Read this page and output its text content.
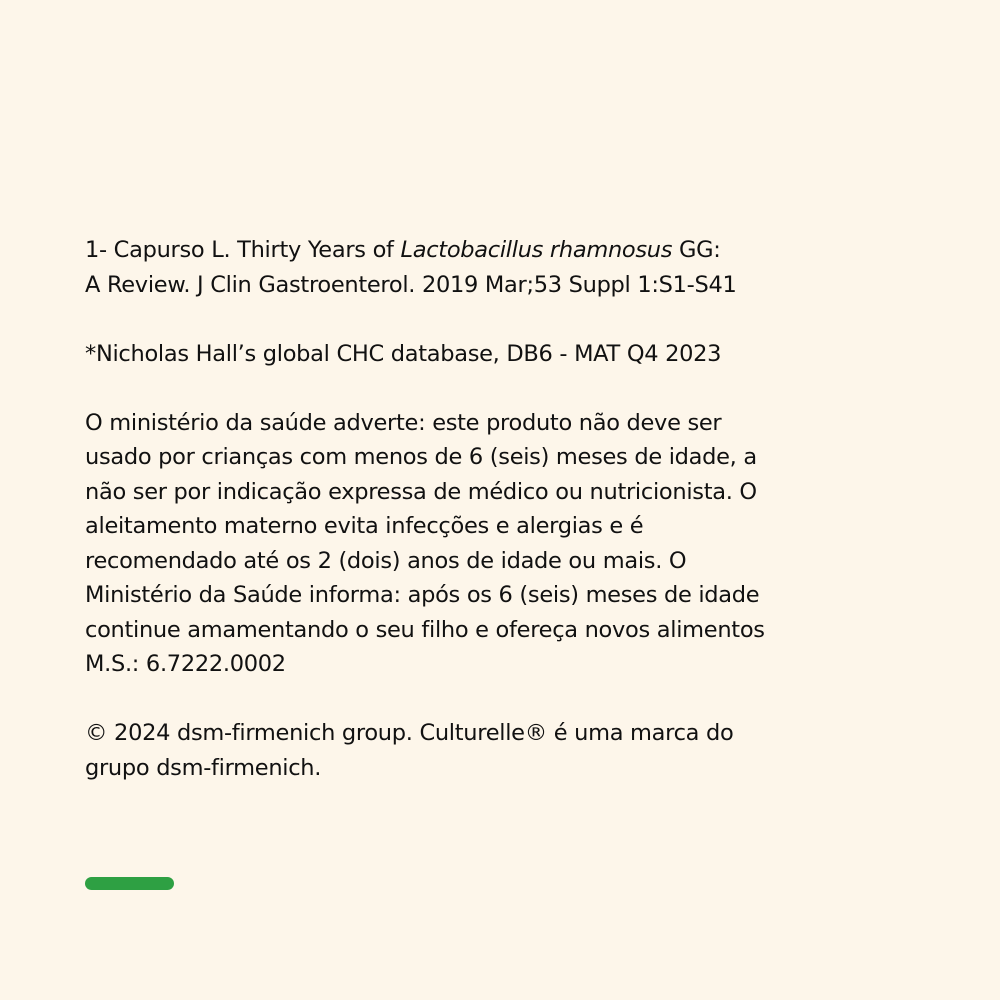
1- Capurso L. Thirty Years of Lactobacillus rhamnosus GG:
A Review. J Clin Gastroenterol. 2019 Mar;53 Suppl 1:S1-S41

*Nicholas Hall’s global CHC database, DB6 - MAT Q4 2023

O ministério da saúde adverte: este produto não deve ser
usado por crianças com menos de 6 (seis) meses de idade, a
não ser por indicação expressa de médico ou nutricionista. O
aleitamento materno evita infecções e alergias e é
recomendado até os 2 (dois) anos de idade ou mais. O
Ministério da Saúde informa: após os 6 (seis) meses de idade
continue amamentando o seu filho e ofereça novos alimentos
M.S.: 6.7222.0002

© 2024 dsm-firmenich group. Culturelle® é uma marca do
grupo dsm-firmenich.
